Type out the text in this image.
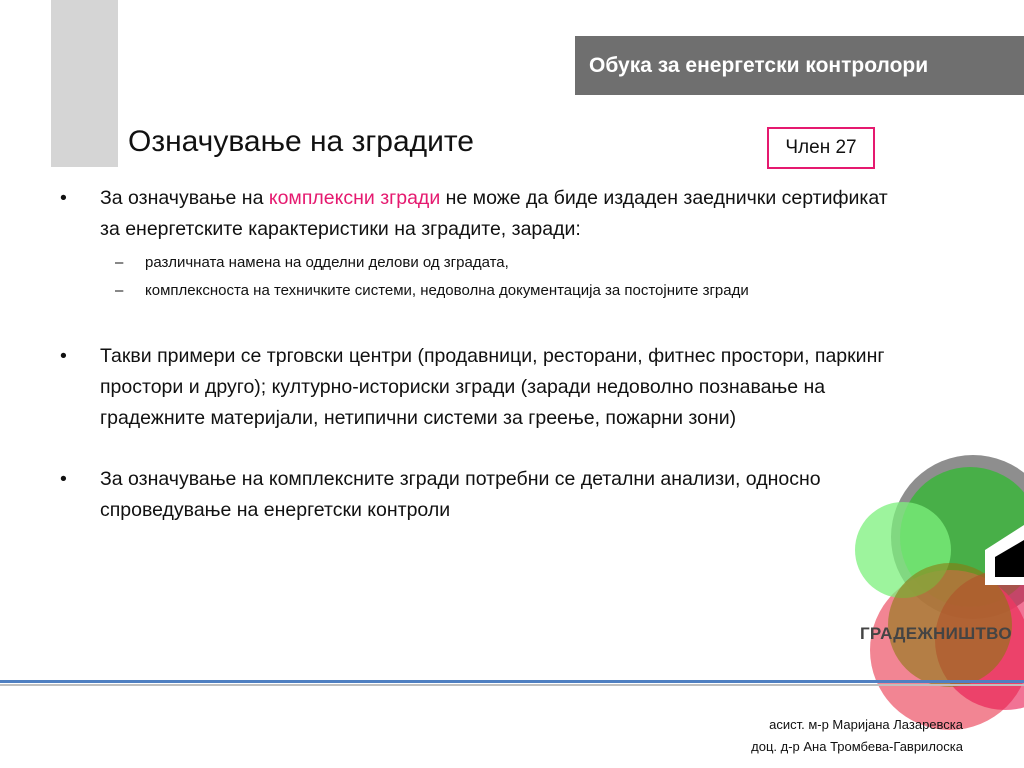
Обука за енергетски контролори
Означување на зградите	Член 27
• За означување на комплексни згради не може да биде издаден заеднички сертификат за енергетските карактеристики на зградите, заради:
– различната намена на одделни делови од зградата,
– комплексноста на техничките системи, недоволна документација за постојните згради
• Такви примери се трговски центри (продавници, ресторани, фитнес простори, паркинг простори и друго); културно-историски згради (заради недоволно познавање на градежните материјали, нетипични системи за греење, пожарни зони)
• За означување на комплексните згради потребни се детални анализи, односно спроведување на енергетски контроли
ГРАДЕЖНИШТВО
асист. м-р Маријана Лазаревска
доц. д-р Ана Тромбева-Гаврилоска
